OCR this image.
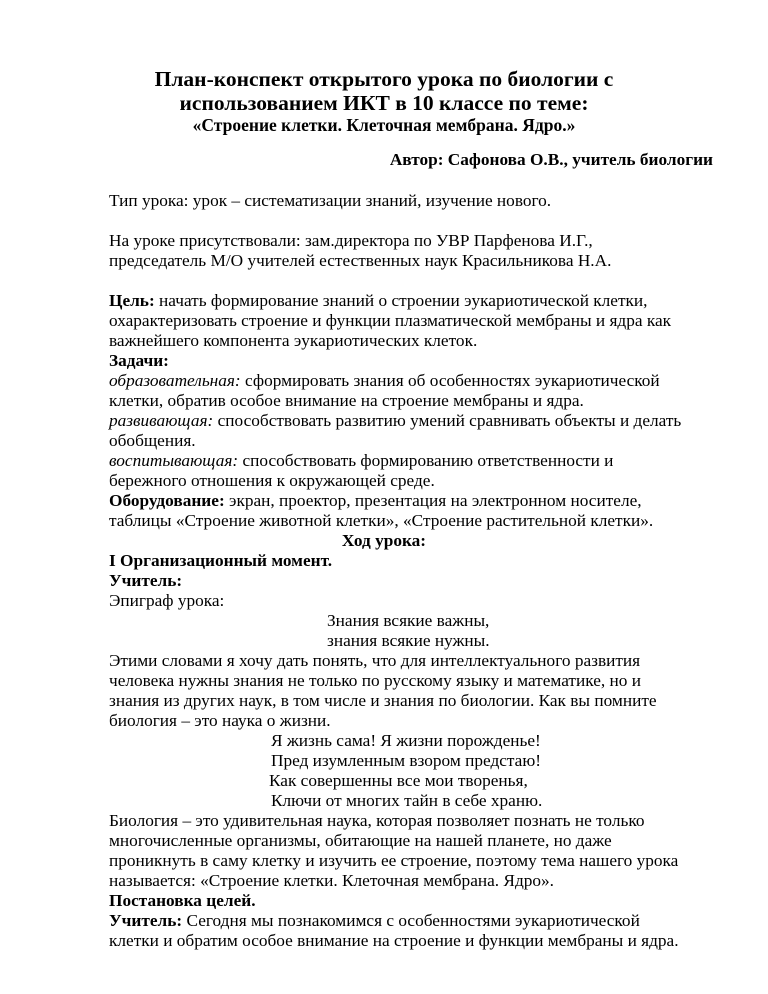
План-конспект открытого урока по биологии с
использованием ИКТ в 10 классе по теме:
«Строение клетки. Клеточная мембрана. Ядро.»
Автор: Сафонова О.В., учитель биологии
Тип урока: урок – систематизации знаний, изучение нового.
На уроке присутствовали: зам.директора по УВР Парфенова И.Г.,
председатель М/О учителей естественных наук Красильникова Н.А.
Цель: начать формирование знаний о строении эукариотической клетки,
охарактеризовать строение и функции плазматической мембраны и ядра как
важнейшего компонента эукариотических клеток.
Задачи:
образовательная: сформировать знания об особенностях эукариотической
клетки, обратив особое внимание на строение мембраны и ядра.
развивающая: способствовать развитию умений сравнивать объекты и делать
обобщения.
воспитывающая: способствовать формированию ответственности и
бережного отношения к окружающей среде.
Оборудование: экран, проектор, презентация на электронном носителе,
таблицы «Строение животной клетки», «Строение растительной клетки».
Ход урока:
I Организационный момент.
Учитель:
Эпиграф урока:
Знания всякие важны,
знания всякие нужны.
Этими словами я хочу дать понять, что для интеллектуального развития
человека нужны знания не только по русскому языку и математике, но и
знания из других наук, в том числе и знания по биологии. Как вы помните
биология – это наука о жизни.
Я жизнь сама! Я жизни порожденье!
Пред изумленным взором предстаю!
Как совершенны все мои творенья,
Ключи от многих тайн в себе храню.
Биология – это удивительная наука, которая позволяет познать не только
многочисленные организмы, обитающие на нашей планете, но даже
проникнуть в саму клетку и изучить ее строение, поэтому тема нашего урока
называется: «Строение клетки. Клеточная мембрана. Ядро».
Постановка целей.
Учитель: Сегодня мы познакомимся с особенностями эукариотической
клетки и обратим особое внимание на строение и функции мембраны и ядра.
